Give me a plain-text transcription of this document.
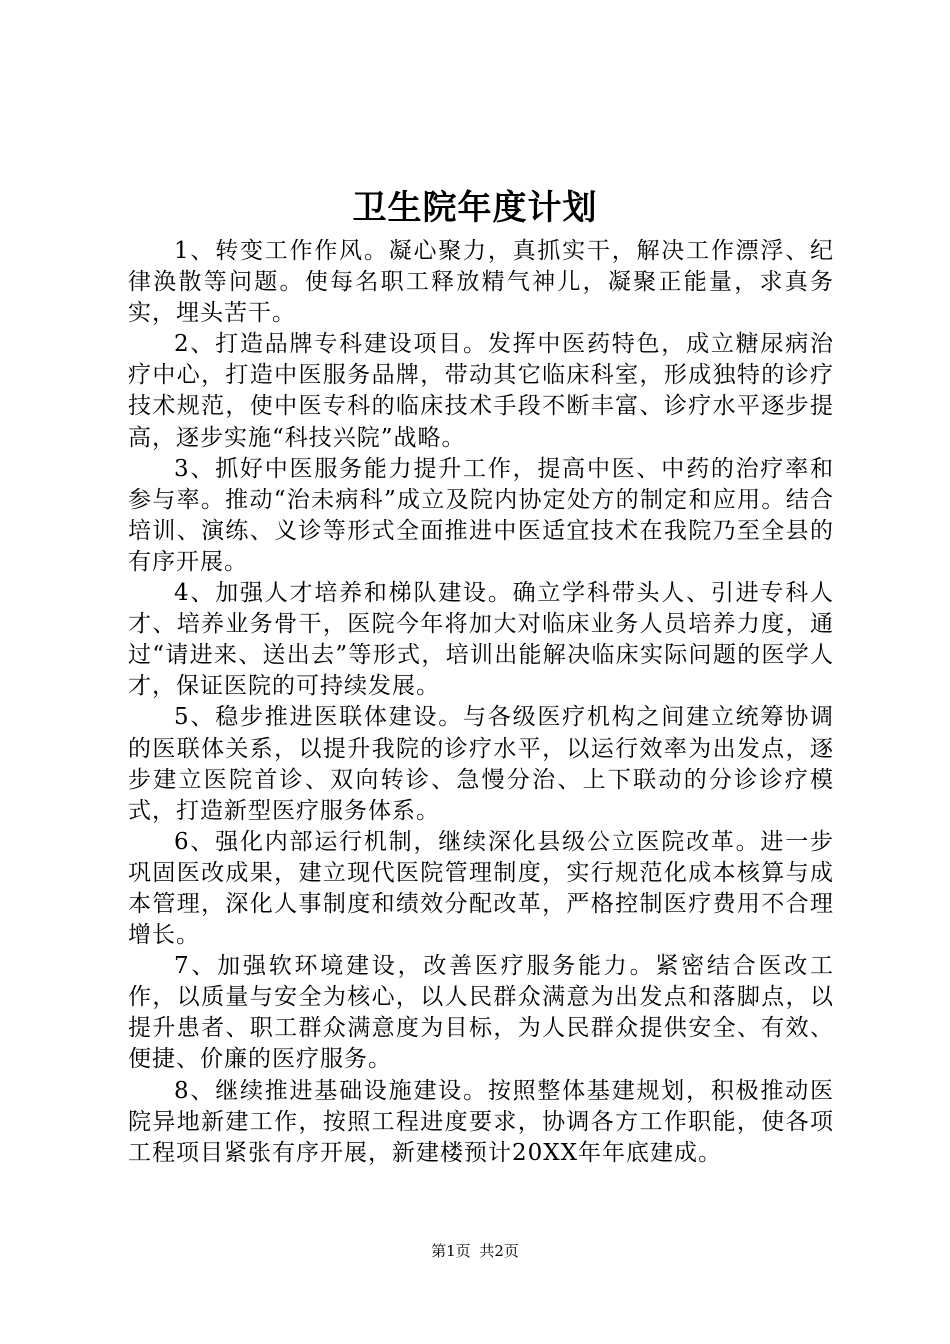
卫生院年度计划

1、转变工作作风。凝心聚力，真抓实干，解决工作漂浮、纪律涣散等问题。使每名职工释放精气神儿，凝聚正能量，求真务实，埋头苦干。

2、打造品牌专科建设项目。发挥中医药特色，成立糖尿病治疗中心，打造中医服务品牌，带动其它临床科室，形成独特的诊疗技术规范，使中医专科的临床技术手段不断丰富、诊疗水平逐步提高，逐步实施“科技兴院”战略。

3、抓好中医服务能力提升工作，提高中医、中药的治疗率和参与率。推动“治未病科”成立及院内协定处方的制定和应用。结合培训、演练、义诊等形式全面推进中医适宜技术在我院乃至全县的有序开展。

4、加强人才培养和梯队建设。确立学科带头人、引进专科人才、培养业务骨干，医院今年将加大对临床业务人员培养力度，通过“请进来、送出去”等形式，培训出能解决临床实际问题的医学人才，保证医院的可持续发展。

5、稳步推进医联体建设。与各级医疗机构之间建立统筹协调的医联体关系，以提升我院的诊疗水平，以运行效率为出发点，逐步建立医院首诊、双向转诊、急慢分治、上下联动的分诊诊疗模式，打造新型医疗服务体系。

6、强化内部运行机制，继续深化县级公立医院改革。进一步巩固医改成果，建立现代医院管理制度，实行规范化成本核算与成本管理，深化人事制度和绩效分配改革，严格控制医疗费用不合理增长。

7、加强软环境建设，改善医疗服务能力。紧密结合医改工作，以质量与安全为核心，以人民群众满意为出发点和落脚点，以提升患者、职工群众满意度为目标，为人民群众提供安全、有效、便捷、价廉的医疗服务。

8、继续推进基础设施建设。按照整体基建规划，积极推动医院异地新建工作，按照工程进度要求，协调各方工作职能，使各项工程项目紧张有序开展，新建楼预计20XX年年底建成。

第1页 共2页
